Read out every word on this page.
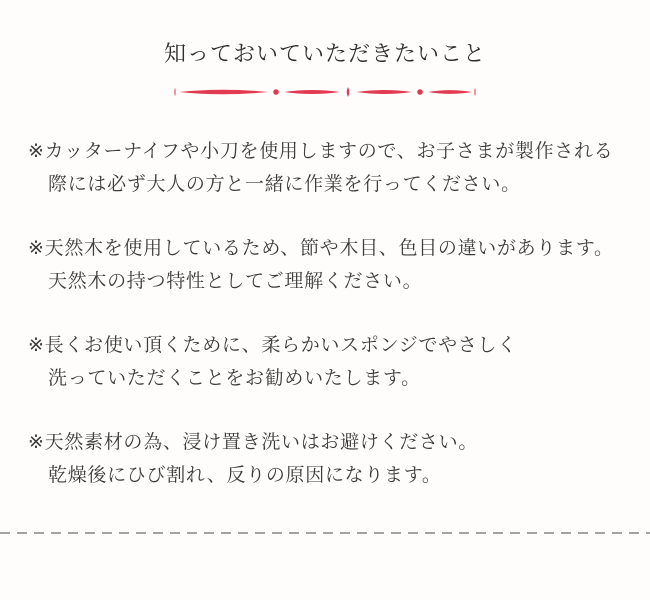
知っておいていただきたいこと
※カッターナイフや小刀を使用しますので、お子さまが製作される
際には必ず大人の方と一緒に作業を行ってください。
※天然木を使用しているため、節や木目、色目の違いがあります。
天然木の持つ特性としてご理解ください。
※長くお使い頂くために、柔らかいスポンジでやさしく
洗っていただくことをお勧めいたします。
※天然素材の為、浸け置き洗いはお避けください。
乾燥後にひび割れ、反りの原因になります。
